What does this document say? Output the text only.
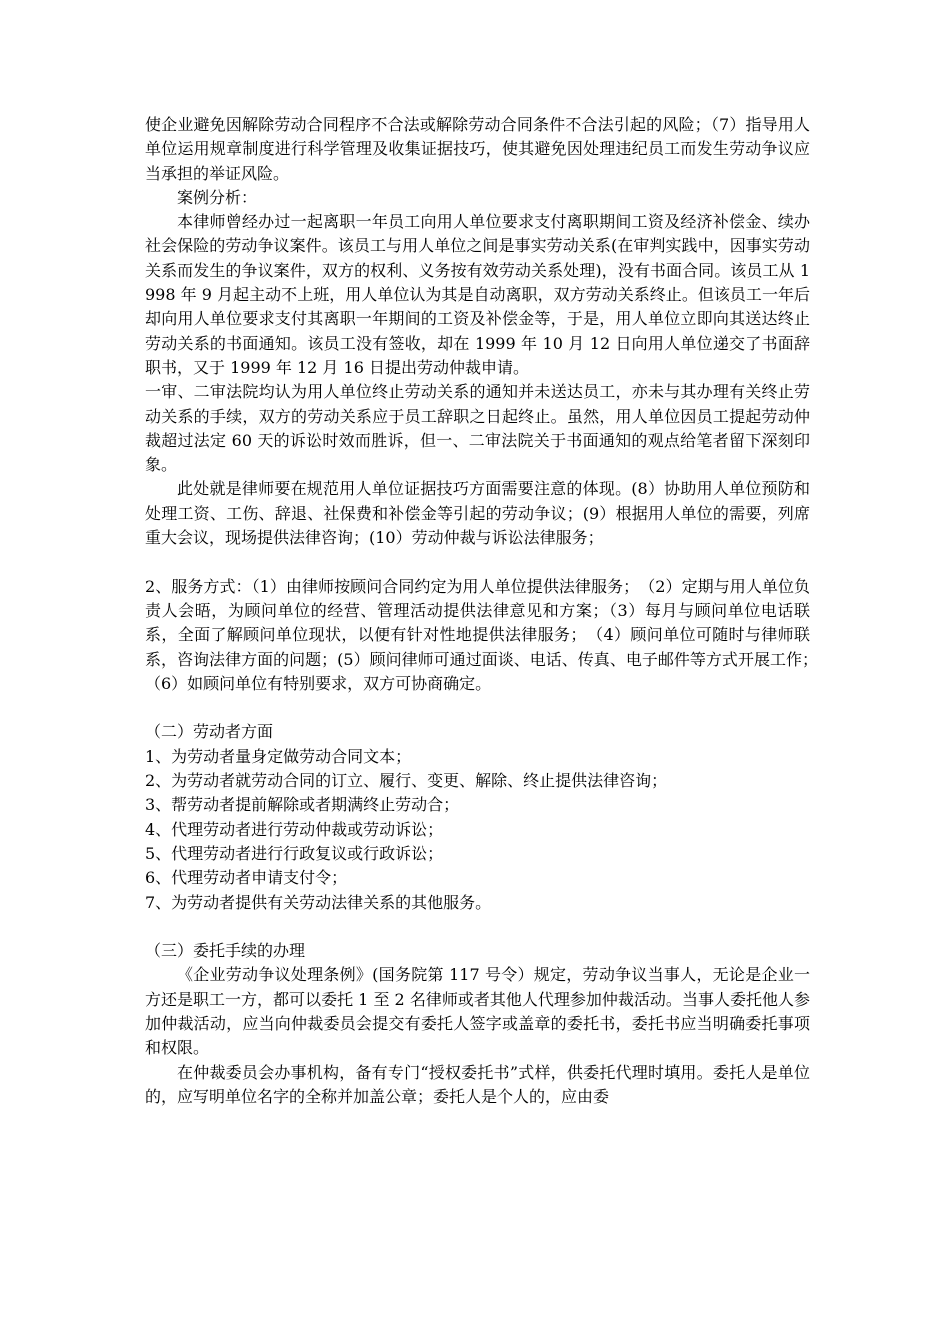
使企业避免因解除劳动合同程序不合法或解除劳动合同条件不合法引起的风险；（7）指导用人单位运用规章制度进行科学管理及收集证据技巧，使其避免因处理违纪员工而发生劳动争议应当承担的举证风险。

案例分析：

本律师曾经办过一起离职一年员工向用人单位要求支付离职期间工资及经济补偿金、续办社会保险的劳动争议案件。该员工与用人单位之间是事实劳动关系(在审判实践中，因事实劳动关系而发生的争议案件，双方的权利、义务按有效劳动关系处理)，没有书面合同。该员工从 1998 年 9 月起主动不上班，用人单位认为其是自动离职，双方劳动关系终止。但该员工一年后却向用人单位要求支付其离职一年期间的工资及补偿金等，于是，用人单位立即向其送达终止劳动关系的书面通知。该员工没有签收，却在 1999 年 10 月 12 日向用人单位递交了书面辞职书，又于 1999 年 12 月 16 日提出劳动仲裁申请。

一审、二审法院均认为用人单位终止劳动关系的通知并未送达员工，亦未与其办理有关终止劳动关系的手续，双方的劳动关系应于员工辞职之日起终止。虽然，用人单位因员工提起劳动仲裁超过法定 60 天的诉讼时效而胜诉，但一、二审法院关于书面通知的观点给笔者留下深刻印象。

此处就是律师要在规范用人单位证据技巧方面需要注意的体现。(8）协助用人单位预防和处理工资、工伤、辞退、社保费和补偿金等引起的劳动争议；(9）根据用人单位的需要，列席重大会议，现场提供法律咨询；(10）劳动仲裁与诉讼法律服务；

2、服务方式：（1）由律师按顾问合同约定为用人单位提供法律服务；　（2）定期与用人单位负责人会晤，为顾问单位的经营、管理活动提供法律意见和方案；（3）每月与顾问单位电话联系，全面了解顾问单位现状，以便有针对性地提供法律服务；　（4）顾问单位可随时与律师联系，咨询法律方面的问题；(5）顾问律师可通过面谈、电话、传真、电子邮件等方式开展工作；　（6）如顾问单位有特别要求，双方可协商确定。

（二）劳动者方面

1、为劳动者量身定做劳动合同文本；

2、为劳动者就劳动合同的订立、履行、变更、解除、终止提供法律咨询；

3、帮劳动者提前解除或者期满终止劳动合；

4、代理劳动者进行劳动仲裁或劳动诉讼；

5、代理劳动者进行行政复议或行政诉讼；

6、代理劳动者申请支付令；

7、为劳动者提供有关劳动法律关系的其他服务。

（三）委托手续的办理

《企业劳动争议处理条例》(国务院第 117 号令）规定，劳动争议当事人，无论是企业一方还是职工一方，都可以委托 1 至 2 名律师或者其他人代理参加仲裁活动。当事人委托他人参加仲裁活动，应当向仲裁委员会提交有委托人签字或盖章的委托书，委托书应当明确委托事项和权限。

在仲裁委员会办事机构，备有专门“授权委托书”式样，供委托代理时填用。委托人是单位的，应写明单位名字的全称并加盖公章；委托人是个人的，应由委
